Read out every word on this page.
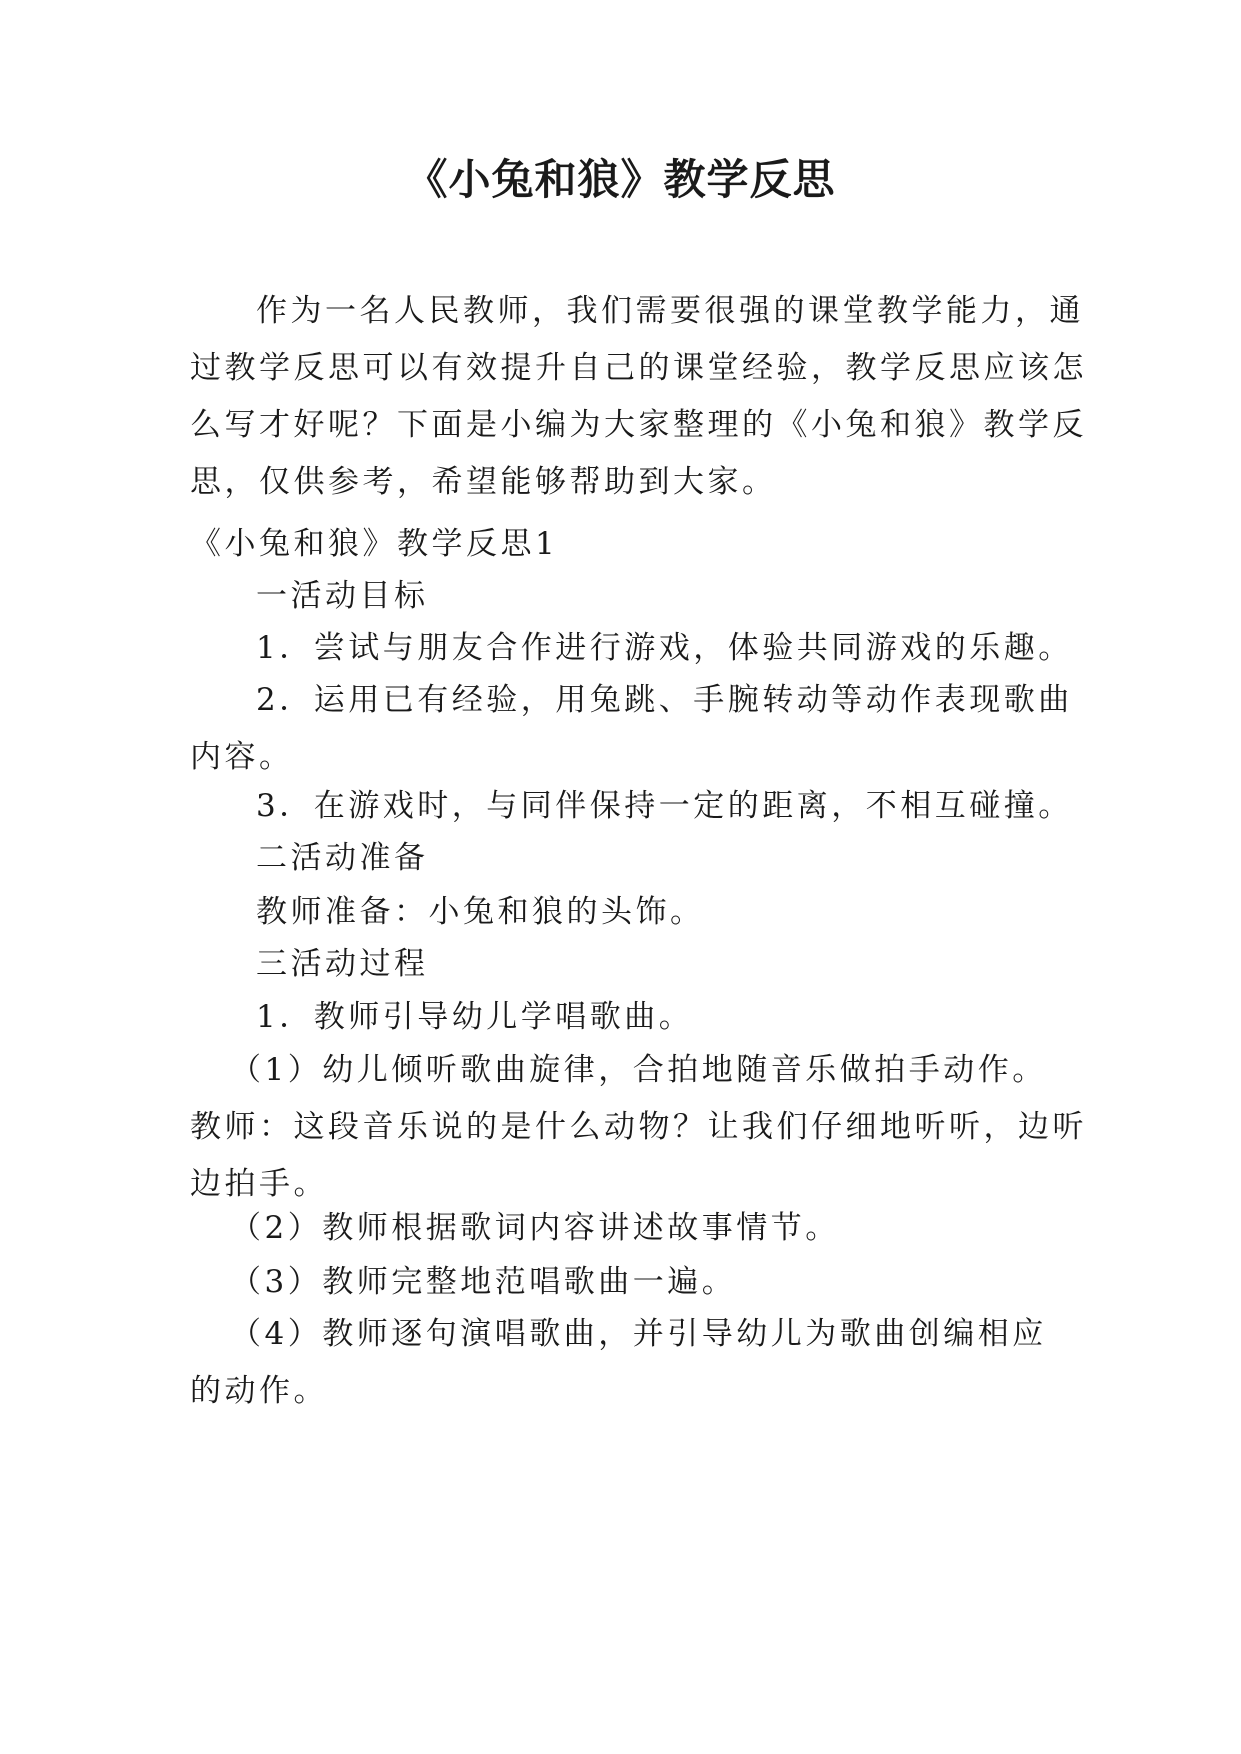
《小兔和狼》教学反思

作为一名人民教师，我们需要很强的课堂教学能力，通
过教学反思可以有效提升自己的课堂经验，教学反思应该怎
么写才好呢？下面是小编为大家整理的《小兔和狼》教学反
思，仅供参考，希望能够帮助到大家。

《小兔和狼》教学反思1

一活动目标

1．尝试与朋友合作进行游戏，体验共同游戏的乐趣。

2．运用已有经验，用兔跳、手腕转动等动作表现歌曲
内容。

3．在游戏时，与同伴保持一定的距离，不相互碰撞。

二活动准备

教师准备：小兔和狼的头饰。

三活动过程

1．教师引导幼儿学唱歌曲。

（1）幼儿倾听歌曲旋律，合拍地随音乐做拍手动作。
教师：这段音乐说的是什么动物？让我们仔细地听听，边听
边拍手。

（2）教师根据歌词内容讲述故事情节。

（3）教师完整地范唱歌曲一遍。

（4）教师逐句演唱歌曲，并引导幼儿为歌曲创编相应
的动作。
